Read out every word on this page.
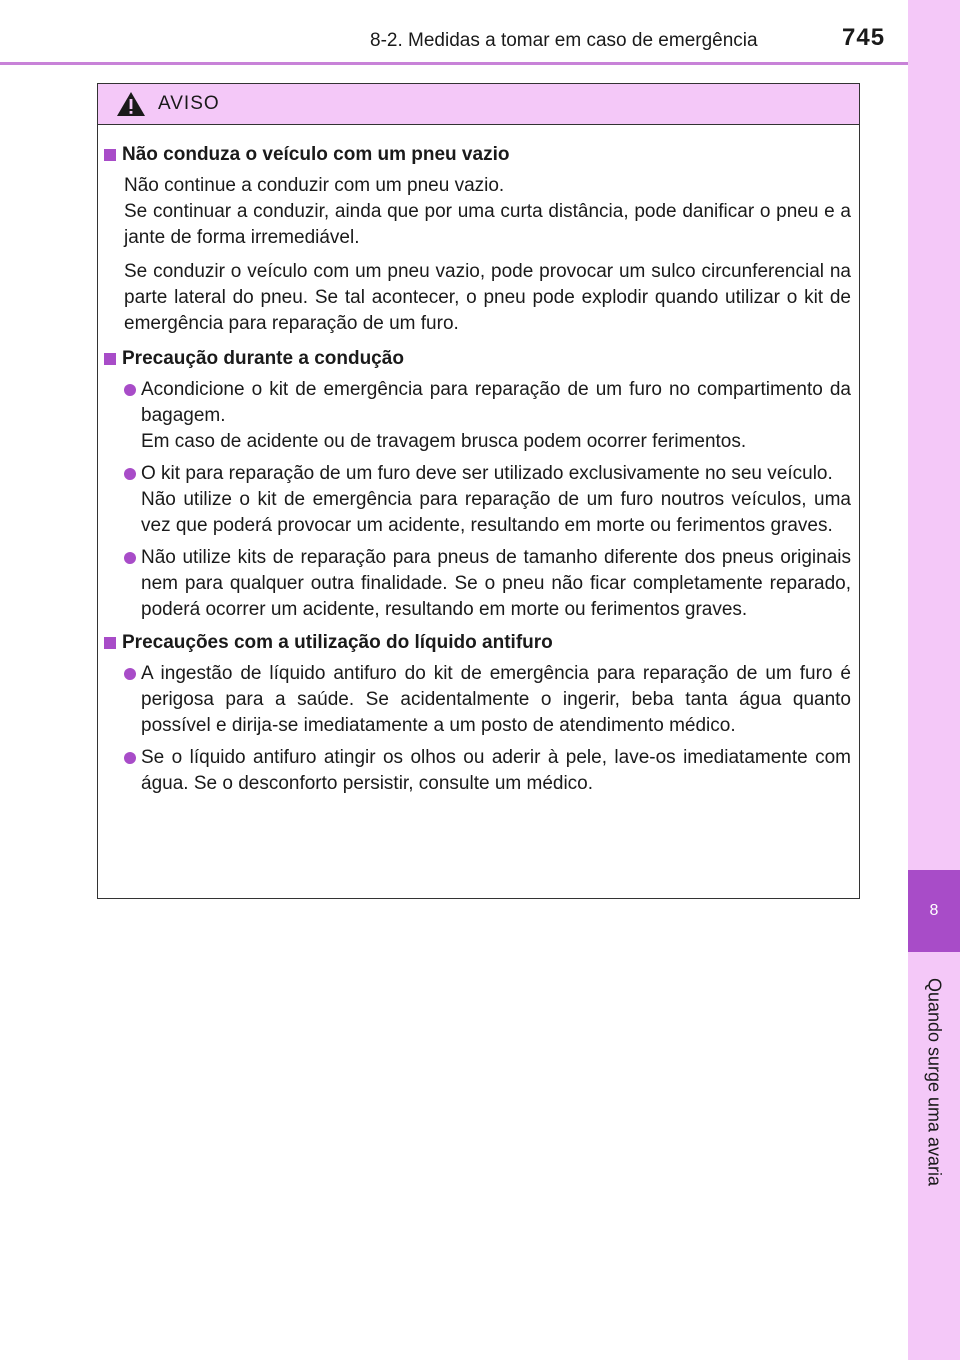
8-2. Medidas a tomar em caso de emergência	745
8
Quando surge uma avaria
AVISO
Não conduza o veículo com um pneu vazio

Não continue a conduzir com um pneu vazio.
Se continuar a conduzir, ainda que por uma curta distância, pode danificar o pneu e a jante de forma irremediável.

Se conduzir o veículo com um pneu vazio, pode provocar um sulco circunferencial na parte lateral do pneu. Se tal acontecer, o pneu pode explodir quando utilizar o kit de emergência para reparação de um furo.

Precaução durante a condução
Acondicione o kit de emergência para reparação de um furo no compartimento da bagagem.
Em caso de acidente ou de travagem brusca podem ocorrer ferimentos.
O kit para reparação de um furo deve ser utilizado exclusivamente no seu veículo.
Não utilize o kit de emergência para reparação de um furo noutros veículos, uma vez que poderá provocar um acidente, resultando em morte ou ferimentos graves.
Não utilize kits de reparação para pneus de tamanho diferente dos pneus originais nem para qualquer outra finalidade. Se o pneu não ficar completamente reparado, poderá ocorrer um acidente, resultando em morte ou ferimentos graves.
Precauções com a utilização do líquido antifuro
A ingestão de líquido antifuro do kit de emergência para reparação de um furo é perigosa para a saúde. Se acidentalmente o ingerir, beba tanta água quanto possível e dirija-se imediatamente a um posto de atendimento médico.
Se o líquido antifuro atingir os olhos ou aderir à pele, lave-os imediatamente com água. Se o desconforto persistir, consulte um médico.
